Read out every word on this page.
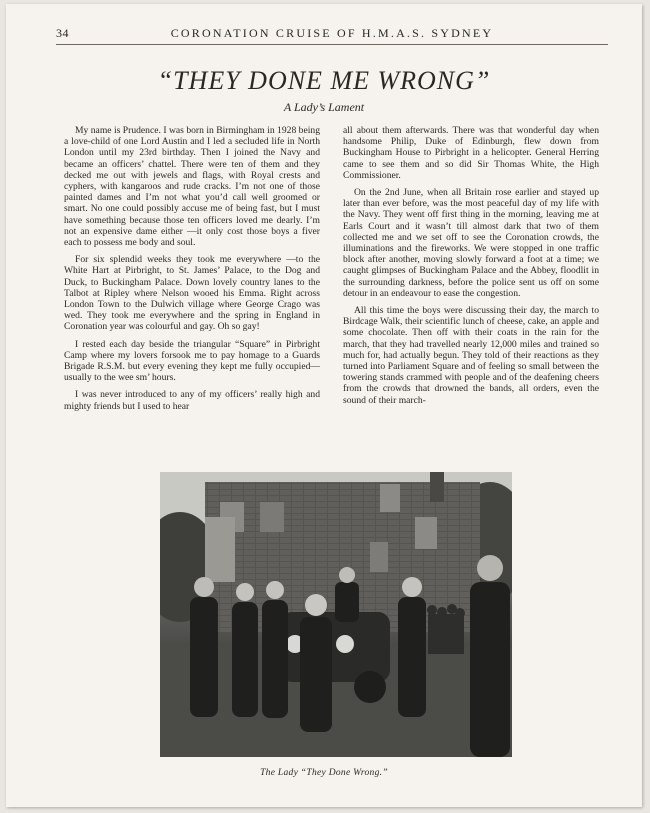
34	CORONATION CRUISE OF H.M.A.S. SYDNEY
“THEY DONE ME WRONG”
A Lady’s Lament

My name is Prudence. I was born in Birmingham in 1928 being a love-child of one Lord Austin and I led a secluded life in North London until my 23rd birthday. Then I joined the Navy and became an officers’ chattel. There were ten of them and they decked me out with jewels and flags, with Royal crests and cyphers, with kangaroos and rude cracks. I’m not one of those painted dames and I’m not what you’d call well groomed or smart. No one could possibly accuse me of being fast, but I must have something because those ten officers loved me dearly. I’m not an expensive dame either —it only cost those boys a fiver each to possess me body and soul.

For six splendid weeks they took me everywhere —to the White Hart at Pirbright, to St. James’ Palace, to the Dog and Duck, to Buckingham Palace. Down lovely country lanes to the Talbot at Ripley where Nelson wooed his Emma. Right across London Town to the Dulwich village where George Crago was wed. They took me everywhere and the spring in England in Coronation year was colourful and gay. Oh so gay!

I rested each day beside the triangular “Square” in Pirbright Camp where my lovers forsook me to pay homage to a Guards Brigade R.S.M. but every evening they kept me fully occupied—usually to the wee sm’ hours.

I was never introduced to any of my officers’ really high and mighty friends but I used to hear

all about them afterwards. There was that wonderful day when handsome Philip, Duke of Edinburgh, flew down from Buckingham House to Pirbright in a helicopter. General Herring came to see them and so did Sir Thomas White, the High Commissioner.

On the 2nd June, when all Britain rose earlier and stayed up later than ever before, was the most peaceful day of my life with the Navy. They went off first thing in the morning, leaving me at Earls Court and it wasn’t till almost dark that two of them collected me and we set off to see the Coronation crowds, the illuminations and the fireworks. We were stopped in one traffic block after another, moving slowly forward a foot at a time; we caught glimpses of Buckingham Palace and the Abbey, floodlit in the surrounding darkness, before the police sent us off on some detour in an endeavour to ease the congestion.

All this time the boys were discussing their day, the march to Birdcage Walk, their scientific lunch of cheese, cake, an apple and some chocolate. Then off with their coats in the rain for the march, that they had travelled nearly 12,000 miles and trained so much for, had actually begun. They told of their reactions as they turned into Parliament Square and of feeling so small between the towering stands crammed with people and of the deafening cheers from the crowds that drowned the bands, all orders, even the sound of their march-

The Lady “They Done Wrong.”
